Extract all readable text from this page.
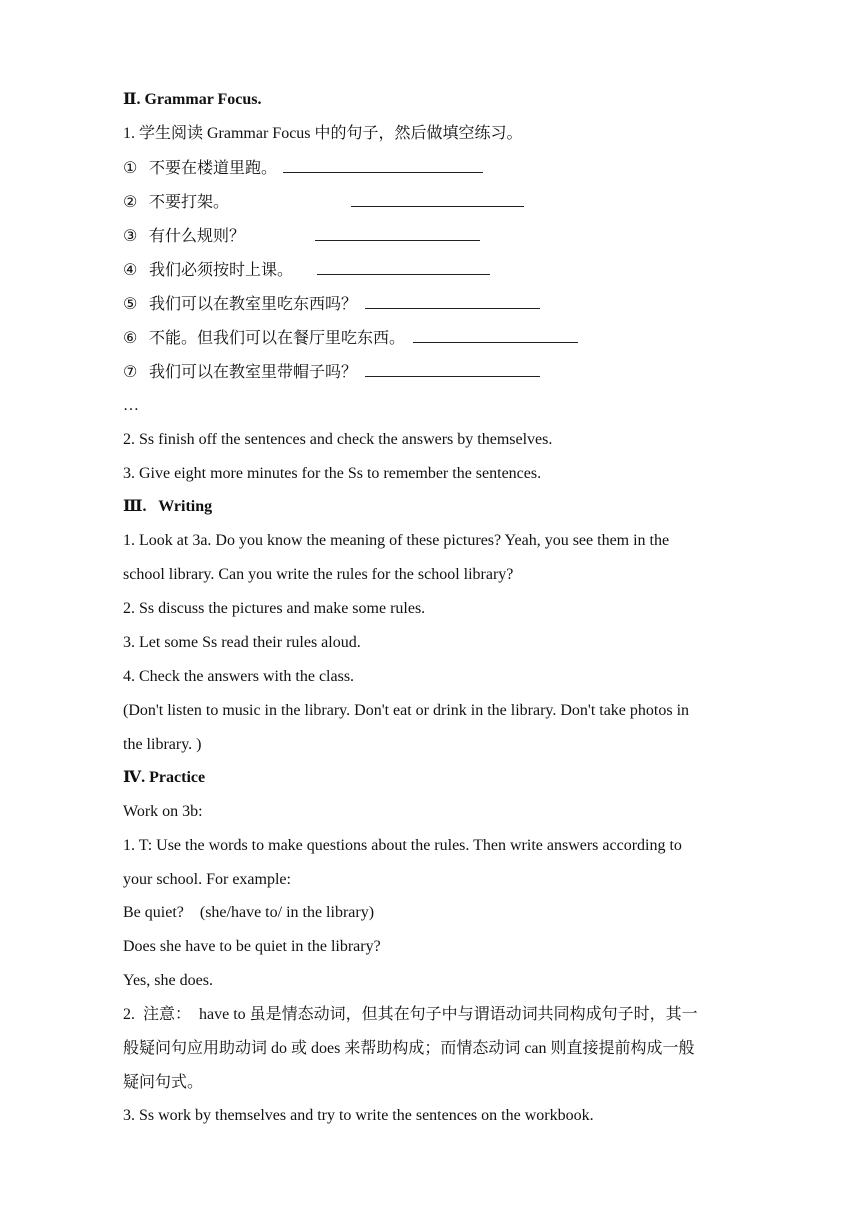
Ⅱ. Grammar Focus.
1. 学生阅读 Grammar Focus 中的句子，然后做填空练习。
① 不要在楼道里跑。
② 不要打架。
③ 有什么规则？
④ 我们必须按时上课。
⑤ 我们可以在教室里吃东西吗？
⑥ 不能。但我们可以在餐厅里吃东西。
⑦ 我们可以在教室里带帽子吗？
…
2. Ss finish off the sentences and check the answers by themselves.
3. Give eight more minutes for the Ss to remember the sentences.
Ⅲ.   Writing
1. Look at 3a. Do you know the meaning of these pictures? Yeah, you see them in the
school library. Can you write the rules for the school library?
2. Ss discuss the pictures and make some rules.
3. Let some Ss read their rules aloud.
4. Check the answers with the class.
(Don't listen to music in the library. Don't eat or drink in the library. Don't take photos in
the library. )
Ⅳ. Practice
Work on 3b:
1. T: Use the words to make questions about the rules. Then write answers according to
your school. For example:
Be quiet?    (she/have to/ in the library)
Does she have to be quiet in the library?
Yes, she does.
2.  注意：  have to 虽是情态动词，但其在句子中与谓语动词共同构成句子时，其一
般疑问句应用助动词 do 或 does 来帮助构成；而情态动词 can 则直接提前构成一般
疑问句式。
3. Ss work by themselves and try to write the sentences on the workbook.
